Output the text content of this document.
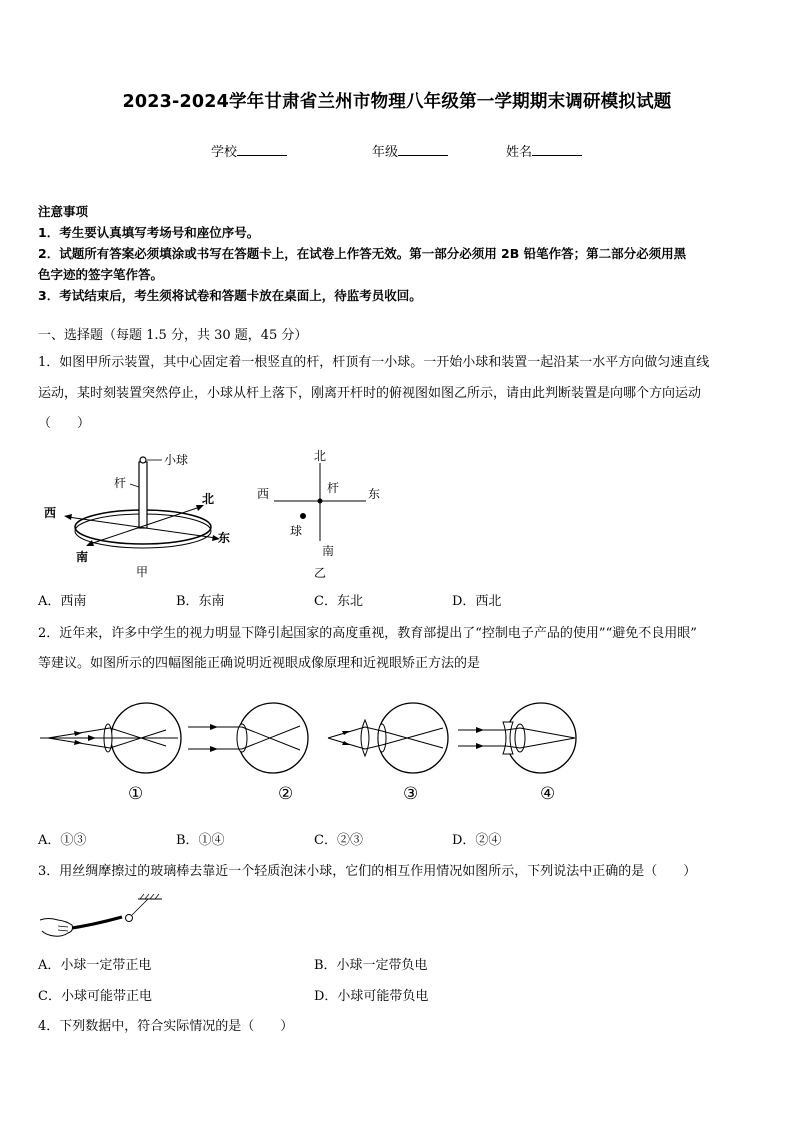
2023-2024学年甘肃省兰州市物理八年级第一学期期末调研模拟试题
学校	年级	姓名
注意事项
1．考生要认真填写考场号和座位序号。
2．试题所有答案必须填涂或书写在答题卡上，在试卷上作答无效。第一部分必须用 2B 铅笔作答；第二部分必须用黑
色字迹的签字笔作答。
3．考试结束后，考生须将试卷和答题卡放在桌面上，待监考员收回。
一、选择题（每题 1.5 分，共 30 题，45 分）
1．如图甲所示装置，其中心固定着一根竖直的杆，杆顶有一小球。一开始小球和装置一起沿某一水平方向做匀速直线
运动，某时刻装置突然停止，小球从杆上落下，刚离开杆时的俯视图如图乙所示，请由此判断装置是向哪个方向运动
（　　）
小球
杆
西
北
东
南
甲
北
西	杆 东
球
南
乙
A．西南	B．东南	C．东北	D．西北
2．近年来，许多中学生的视力明显下降引起国家的高度重视，教育部提出了“控制电子产品的使用”“避免不良用眼”
等建议。如图所示的四幅图能正确说明近视眼成像原理和近视眼矫正方法的是
①	②	③	④
A．①③	B．①④	C．②③	D．②④
3．用丝绸摩擦过的玻璃棒去靠近一个轻质泡沫小球，它们的相互作用情况如图所示，下列说法中正确的是（　　）
A．小球一定带正电	B．小球一定带负电
C．小球可能带正电	D．小球可能带负电
4．下列数据中，符合实际情况的是（　　）
